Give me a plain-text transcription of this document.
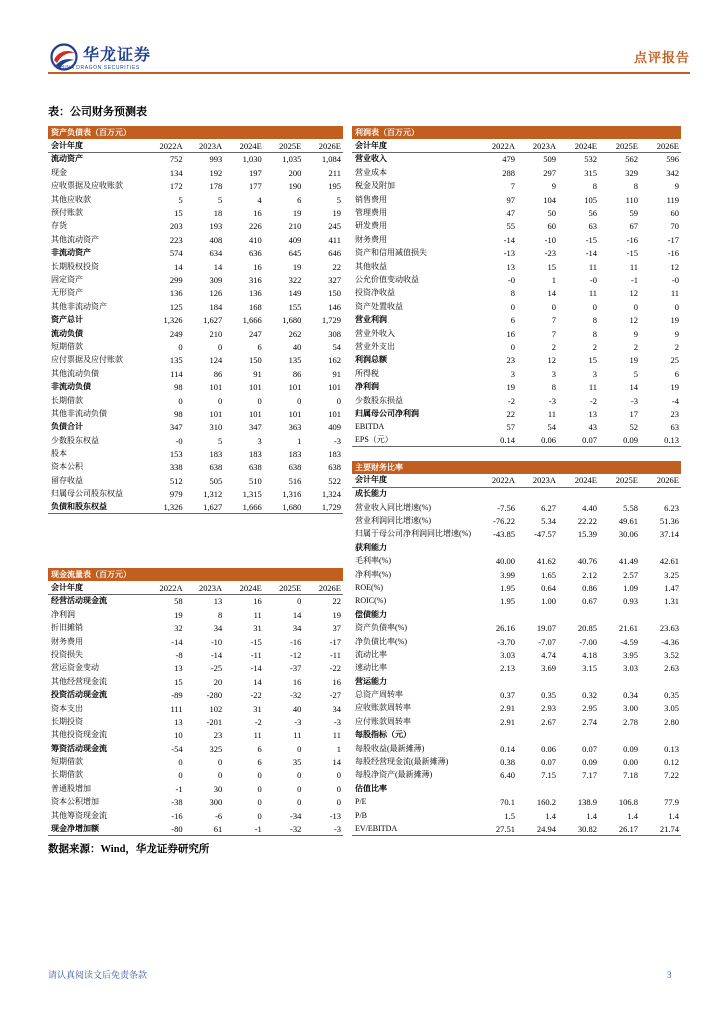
华龙证券
CHINA DRAGON SECURITIES
点评报告
表：公司财务预测表
资产负债表（百万元）
会计年度	2022A	2023A	2024E	2025E	2026E
流动资产	752	993	1,030	1,035	1,084
现金	134	192	197	200	211
应收票据及应收账款	172	178	177	190	195
其他应收款	5	5	4	6	5
预付账款	15	18	16	19	19
存货	203	193	226	210	245
其他流动资产	223	408	410	409	411
非流动资产	574	634	636	645	646
长期股权投资	14	14	16	19	22
固定资产	299	309	316	322	327
无形资产	136	126	136	149	150
其他非流动资产	125	184	168	155	146
资产总计	1,326	1,627	1,666	1,680	1,729
流动负债	249	210	247	262	308
短期借款	0	0	6	40	54
应付票据及应付账款	135	124	150	135	162
其他流动负债	114	86	91	86	91
非流动负债	98	101	101	101	101
长期借款	0	0	0	0	0
其他非流动负债	98	101	101	101	101
负债合计	347	310	347	363	409
少数股东权益	-0	5	3	1	-3
股本	153	183	183	183	183
资本公积	338	638	638	638	638
留存收益	512	505	510	516	522
归属母公司股东权益	979	1,312	1,315	1,316	1,324
负债和股东权益	1,326	1,627	1,666	1,680	1,729
现金流量表（百万元）
会计年度	2022A	2023A	2024E	2025E	2026E
经营活动现金流	58	13	16	0	22
净利润	19	8	11	14	19
折旧摊销	32	34	31	34	37
财务费用	-14	-10	-15	-16	-17
投资损失	-8	-14	-11	-12	-11
营运资金变动	13	-25	-14	-37	-22
其他经营现金流	15	20	14	16	16
投资活动现金流	-89	-280	-22	-32	-27
资本支出	111	102	31	40	34
长期投资	13	-201	-2	-3	-3
其他投资现金流	10	23	11	11	11
筹资活动现金流	-54	325	6	0	1
短期借款	0	0	6	35	14
长期借款	0	0	0	0	0
普通股增加	-1	30	0	0	0
资本公积增加	-38	300	0	0	0
其他筹资现金流	-16	-6	0	-34	-13
现金净增加额	-80	61	-1	-32	-3
利润表（百万元）
会计年度	2022A	2023A	2024E	2025E	2026E
营业收入	479	509	532	562	596
营业成本	288	297	315	329	342
税金及附加	7	9	8	8	9
销售费用	97	104	105	110	119
管理费用	47	50	56	59	60
研发费用	55	60	63	67	70
财务费用	-14	-10	-15	-16	-17
资产和信用减值损失	-13	-23	-14	-15	-16
其他收益	13	15	11	11	12
公允价值变动收益	-0	1	-0	-1	-0
投资净收益	8	14	11	12	11
资产处置收益	0	0	0	0	0
营业利润	6	7	8	12	19
营业外收入	16	7	8	9	9
营业外支出	0	2	2	2	2
利润总额	23	12	15	19	25
所得税	3	3	3	5	6
净利润	19	8	11	14	19
少数股东损益	-2	-3	-2	-3	-4
归属母公司净利润	22	11	13	17	23
EBITDA	57	54	43	52	63
EPS（元）	0.14	0.06	0.07	0.09	0.13
主要财务比率
会计年度	2022A	2023A	2024E	2025E	2026E
成长能力
营业收入同比增速(%)	-7.56	6.27	4.40	5.58	6.23
营业利润同比增速(%)	-76.22	5.34	22.22	49.61	51.36
归属于母公司净利润同比增速(%)	-43.85	-47.57	15.39	30.06	37.14
获利能力
毛利率(%)	40.00	41.62	40.76	41.49	42.61
净利率(%)	3.99	1.65	2.12	2.57	3.25
ROE(%)	1.95	0.64	0.86	1.09	1.47
ROIC(%)	1.95	1.00	0.67	0.93	1.31
偿债能力
资产负债率(%)	26.16	19.07	20.85	21.61	23.63
净负债比率(%)	-3.70	-7.07	-7.00	-4.59	-4.36
流动比率	3.03	4.74	4.18	3.95	3.52
速动比率	2.13	3.69	3.15	3.03	2.63
营运能力
总资产周转率	0.37	0.35	0.32	0.34	0.35
应收账款周转率	2.91	2.93	2.95	3.00	3.05
应付账款周转率	2.91	2.67	2.74	2.78	2.80
每股指标（元）
每股收益(最新摊薄)	0.14	0.06	0.07	0.09	0.13
每股经营现金流(最新摊薄)	0.38	0.07	0.09	0.00	0.12
每股净资产(最新摊薄)	6.40	7.15	7.17	7.18	7.22
估值比率
P/E	70.1	160.2	138.9	106.8	77.9
P/B	1.5	1.4	1.4	1.4	1.4
EV/EBITDA	27.51	24.94	30.82	26.17	21.74
数据来源：Wind，华龙证券研究所
请认真阅读文后免责条款	3
